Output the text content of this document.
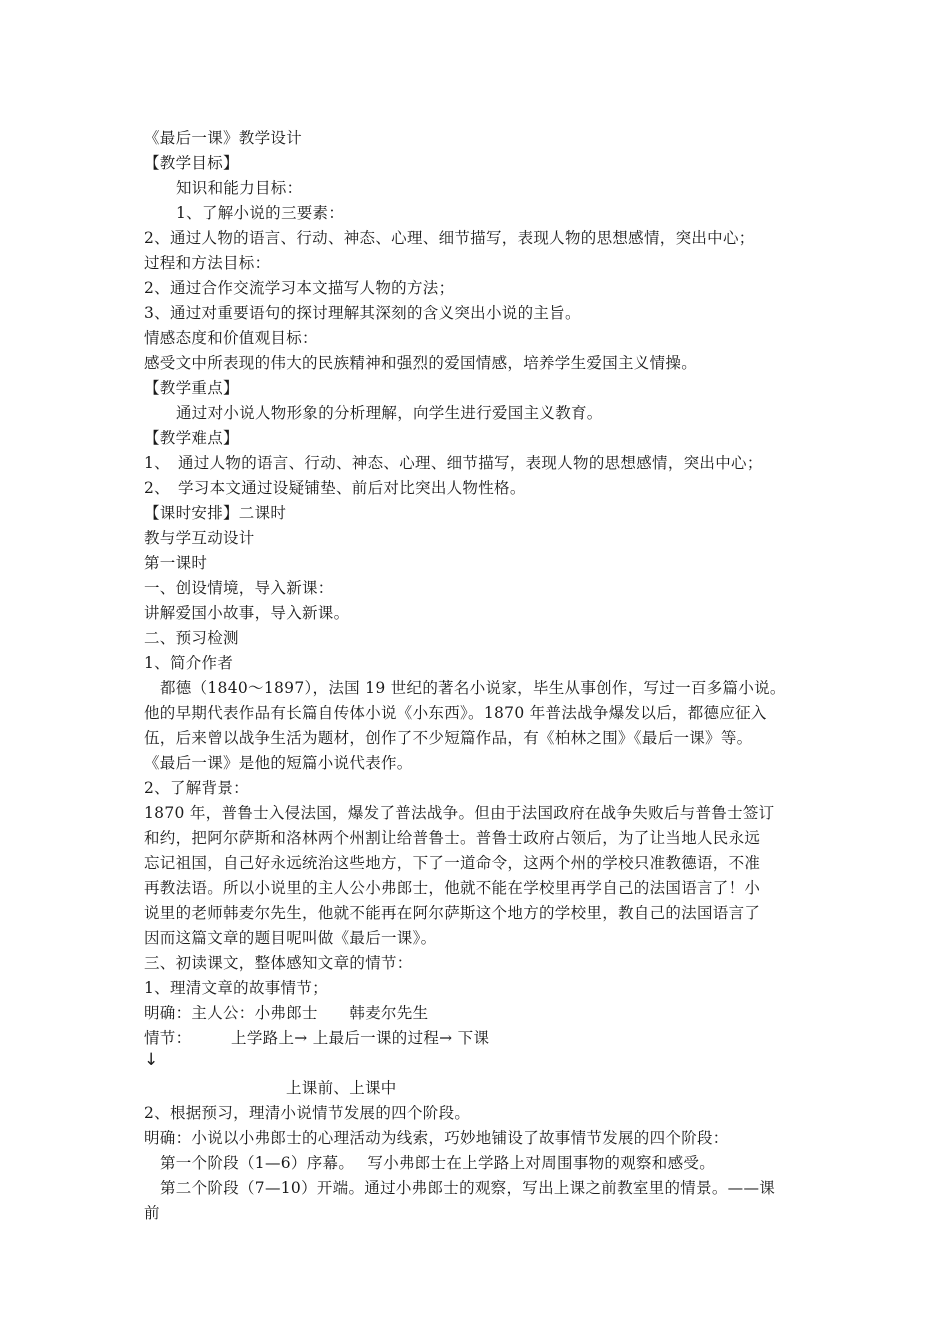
《最后一课》教学设计
【教学目标】
知识和能力目标：
1、了解小说的三要素：
2、通过人物的语言、行动、神态、心理、细节描写，表现人物的思想感情，突出中心；
过程和方法目标：
2、通过合作交流学习本文描写人物的方法；
3、通过对重要语句的探讨理解其深刻的含义突出小说的主旨。
情感态度和价值观目标：
感受文中所表现的伟大的民族精神和强烈的爱国情感，培养学生爱国主义情操。
【教学重点】
通过对小说人物形象的分析理解，向学生进行爱国主义教育。
【教学难点】
1、　通过人物的语言、行动、神态、心理、细节描写，表现人物的思想感情，突出中心；
2、　学习本文通过设疑铺垫、前后对比突出人物性格。
【课时安排】二课时
教与学互动设计
第一课时
一、创设情境，导入新课：
讲解爱国小故事，导入新课。
二、预习检测
1、简介作者
都德（1840～1897），法国 19 世纪的著名小说家，毕生从事创作，写过一百多篇小说。
他的早期代表作品有长篇自传体小说《小东西》。1870 年普法战争爆发以后，都德应征入
伍，后来曾以战争生活为题材，创作了不少短篇作品，有《柏林之围》《最后一课》等。
《最后一课》是他的短篇小说代表作。
2、了解背景：
1870 年，普鲁士入侵法国，爆发了普法战争。但由于法国政府在战争失败后与普鲁士签订
和约，把阿尔萨斯和洛林两个州割让给普鲁士。普鲁士政府占领后，为了让当地人民永远
忘记祖国，自己好永远统治这些地方，下了一道命令，这两个州的学校只准教德语，不准
再教法语。所以小说里的主人公小弗郎士，他就不能在学校里再学自己的法国语言了！小
说里的老师韩麦尔先生，他就不能再在阿尔萨斯这个地方的学校里，教自己的法国语言了
因而这篇文章的题目呢叫做《最后一课》。
三、初读课文，整体感知文章的情节：
1、理清文章的故事情节；
明确：主人公：小弗郎士　　韩麦尔先生
情节：　　　上学路上→ 上最后一课的过程→ 下课
↓
上课前、上课中
2、根据预习，理清小说情节发展的四个阶段。
明确：小说以小弗郎士的心理活动为线索，巧妙地铺设了故事情节发展的四个阶段：
第一个阶段（1—6）序幕。　 写小弗郎士在上学路上对周围事物的观察和感受。
第二个阶段（7—10）开端。通过小弗郎士的观察，写出上课之前教室里的情景。——课
前
